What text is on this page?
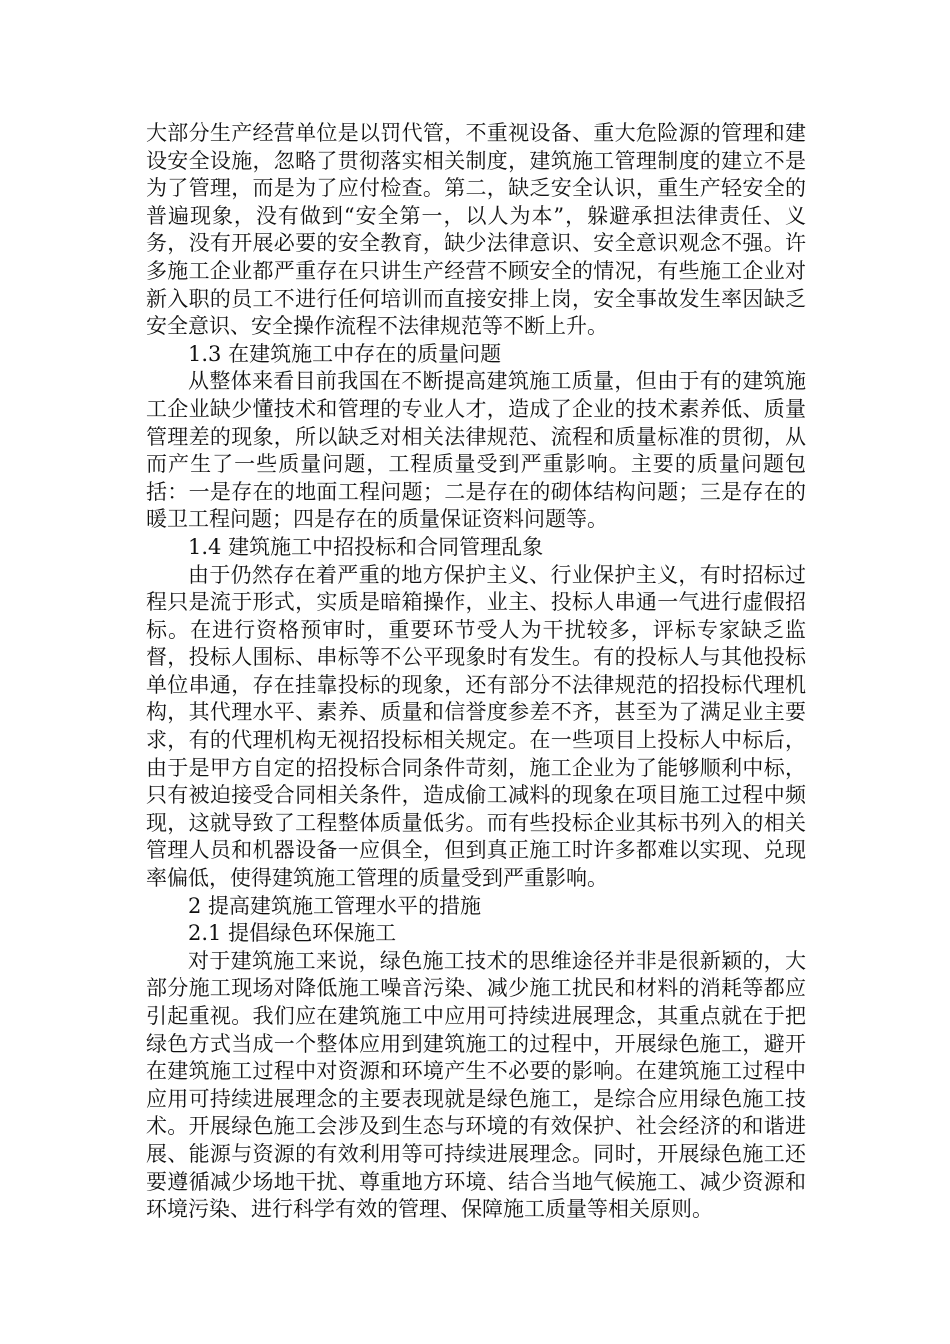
大部分生产经营单位是以罚代管，不重视设备、重大危险源的管理和建设安全设施，忽略了贯彻落实相关制度，建筑施工管理制度的建立不是为了管理，而是为了应付检查。第二，缺乏安全认识，重生产轻安全的普遍现象，没有做到“安全第一，以人为本”，躲避承担法律责任、义务，没有开展必要的安全教育，缺少法律意识、安全意识观念不强。许多施工企业都严重存在只讲生产经营不顾安全的情况，有些施工企业对新入职的员工不进行任何培训而直接安排上岗，安全事故发生率因缺乏安全意识、安全操作流程不法律规范等不断上升。

1.3 在建筑施工中存在的质量问题

从整体来看目前我国在不断提高建筑施工质量，但由于有的建筑施工企业缺少懂技术和管理的专业人才，造成了企业的技术素养低、质量管理差的现象，所以缺乏对相关法律规范、流程和质量标准的贯彻，从而产生了一些质量问题，工程质量受到严重影响。主要的质量问题包括：一是存在的地面工程问题；二是存在的砌体结构问题；三是存在的暖卫工程问题；四是存在的质量保证资料问题等。

1.4 建筑施工中招投标和合同管理乱象

由于仍然存在着严重的地方保护主义、行业保护主义，有时招标过程只是流于形式，实质是暗箱操作，业主、投标人串通一气进行虚假招标。在进行资格预审时，重要环节受人为干扰较多，评标专家缺乏监督，投标人围标、串标等不公平现象时有发生。有的投标人与其他投标单位串通，存在挂靠投标的现象，还有部分不法律规范的招投标代理机构，其代理水平、素养、质量和信誉度参差不齐，甚至为了满足业主要求，有的代理机构无视招投标相关规定。在一些项目上投标人中标后，由于是甲方自定的招投标合同条件苛刻，施工企业为了能够顺利中标，只有被迫接受合同相关条件，造成偷工减料的现象在项目施工过程中频现，这就导致了工程整体质量低劣。而有些投标企业其标书列入的相关管理人员和机器设备一应俱全，但到真正施工时许多都难以实现、兑现率偏低，使得建筑施工管理的质量受到严重影响。

2 提高建筑施工管理水平的措施

2.1 提倡绿色环保施工

对于建筑施工来说，绿色施工技术的思维途径并非是很新颖的，大部分施工现场对降低施工噪音污染、减少施工扰民和材料的消耗等都应引起重视。我们应在建筑施工中应用可持续进展理念，其重点就在于把绿色方式当成一个整体应用到建筑施工的过程中，开展绿色施工，避开在建筑施工过程中对资源和环境产生不必要的影响。在建筑施工过程中应用可持续进展理念的主要表现就是绿色施工，是综合应用绿色施工技术。开展绿色施工会涉及到生态与环境的有效保护、社会经济的和谐进展、能源与资源的有效利用等可持续进展理念。同时，开展绿色施工还要遵循减少场地干扰、尊重地方环境、结合当地气候施工、减少资源和环境污染、进行科学有效的管理、保障施工质量等相关原则。
